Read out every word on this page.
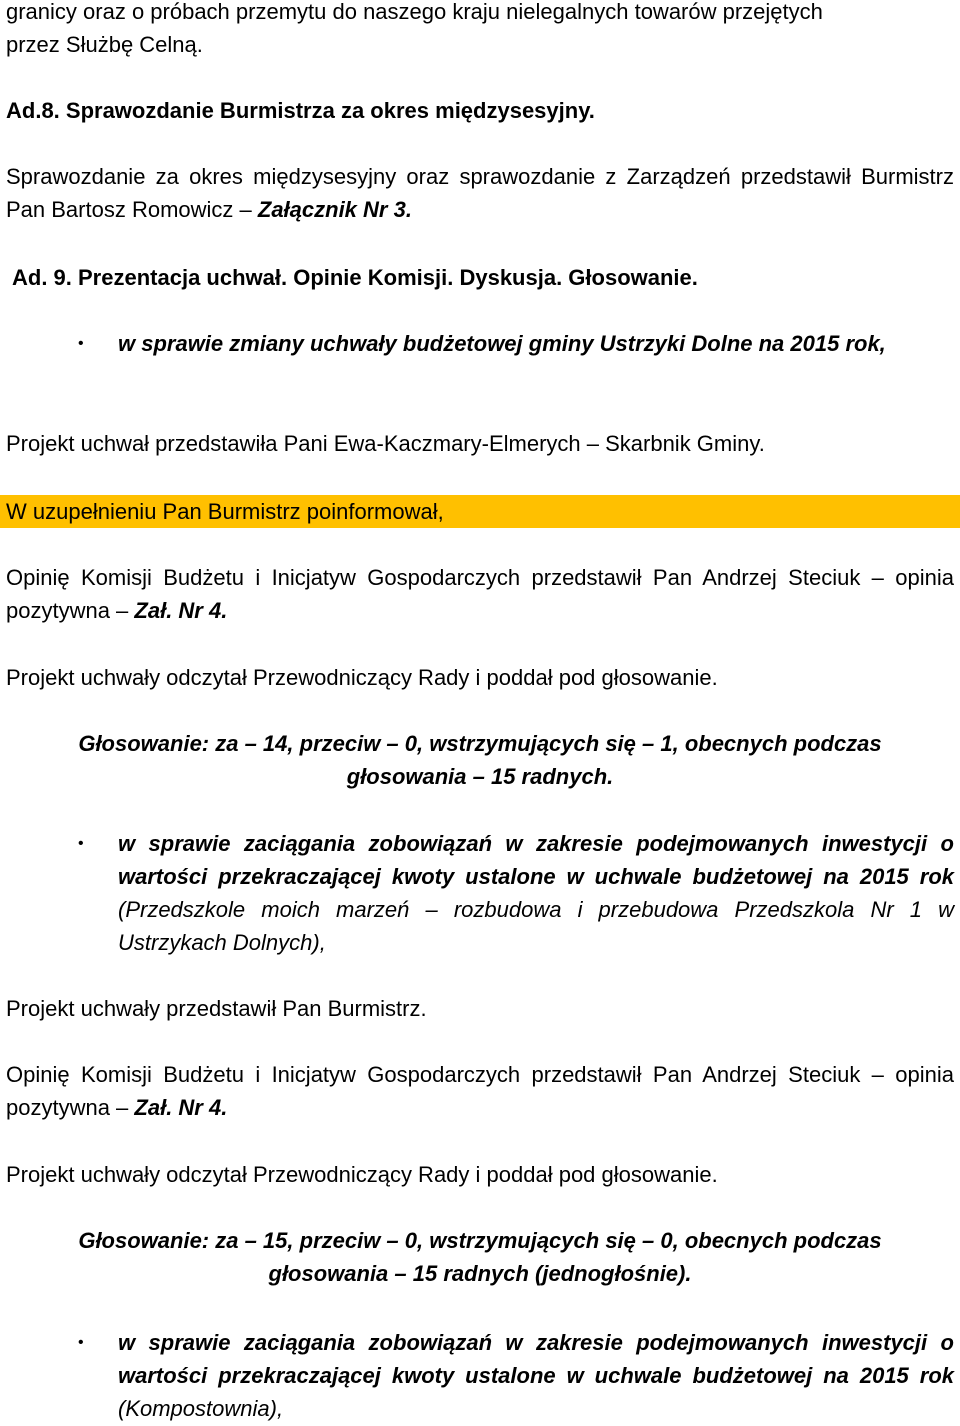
granicy oraz o próbach przemytu do naszego kraju nielegalnych towarów przejętych

przez Służbę Celną.

Ad.8. Sprawozdanie Burmistrza za okres międzysesyjny.

Sprawozdanie za okres międzysesyjny oraz sprawozdanie z Zarządzeń przedstawił Burmistrz Pan Bartosz Romowicz – Załącznik Nr 3.

Ad. 9. Prezentacja uchwał. Opinie Komisji. Dyskusja. Głosowanie.

• w sprawie zmiany uchwały budżetowej gminy Ustrzyki Dolne na 2015 rok,

Projekt uchwał przedstawiła Pani Ewa-Kaczmary-Elmerych – Skarbnik Gminy.

W uzupełnieniu Pan Burmistrz poinformował,

Opinię Komisji Budżetu i Inicjatyw Gospodarczych przedstawił Pan Andrzej Steciuk – opinia pozytywna – Zał. Nr 4.

Projekt uchwały odczytał Przewodniczący Rady i poddał pod głosowanie.

Głosowanie: za – 14, przeciw – 0, wstrzymujących się – 1, obecnych podczas

głosowania – 15 radnych.

• w sprawie zaciągania zobowiązań w zakresie podejmowanych inwestycji o wartości przekraczającej kwoty ustalone w uchwale budżetowej na 2015 rok (Przedszkole moich marzeń – rozbudowa i przebudowa Przedszkola Nr 1 w Ustrzykach Dolnych),

Projekt uchwały przedstawił Pan Burmistrz.

Opinię Komisji Budżetu i Inicjatyw Gospodarczych przedstawił Pan Andrzej Steciuk – opinia pozytywna – Zał. Nr 4.

Projekt uchwały odczytał Przewodniczący Rady i poddał pod głosowanie.

Głosowanie: za – 15, przeciw – 0, wstrzymujących się – 0, obecnych podczas

głosowania – 15 radnych (jednogłośnie).

• w sprawie zaciągania zobowiązań w zakresie podejmowanych inwestycji o wartości przekraczającej kwoty ustalone w uchwale budżetowej na 2015 rok (Kompostownia),
